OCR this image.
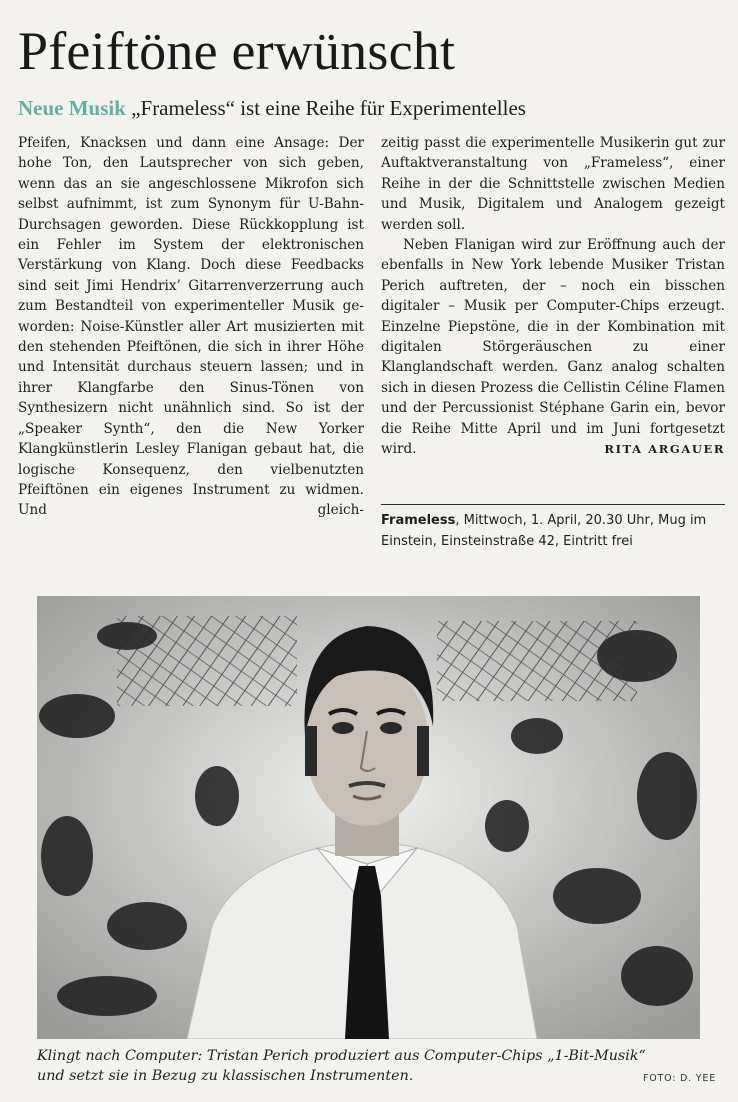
Pfeiftöne erwünscht
Neue Musik „Frameless“ ist eine Reihe für Experimentelles

Pfeifen, Knacksen und dann eine Ansage: Der hohe Ton, den Lautsprecher von sich geben, wenn das an sie angeschlossene Mikrofon sich selbst aufnimmt, ist zum Synonym für U-Bahn-Durchsagen geworden. Diese Rückkopplung ist ein Fehler im System der elektronischen Verstärkung von Klang. Doch diese Feedbacks sind seit Jimi Hendrix’ Gitarrenverzerrung auch zum Bestandteil von experimenteller Musik geworden: Noise-Künstler aller Art musizierten mit den stehenden Pfeiftönen, die sich in ihrer Höhe und Intensität durchaus steuern lassen; und in ihrer Klangfarbe den Sinus-Tönen von Synthesizern nicht unähnlich sind. So ist der „Speaker Synth“, den die New Yorker Klangkünstlerin Lesley Flanigan gebaut hat, die logische Konsequenz, den vielbenutzten Pfeiftönen ein eigenes Instrument zu widmen. Und gleich-

zeitig passt die experimentelle Musikerin gut zur Auftaktveranstaltung von „Frameless“, einer Reihe in der die Schnittstelle zwischen Medien und Musik, Digitalem und Analogem gezeigt werden soll.

Neben Flanigan wird zur Eröffnung auch der ebenfalls in New York lebende Musiker Tristan Perich auftreten, der – noch ein bisschen digitaler – Musik per Computer-Chips erzeugt. Einzelne Piepstöne, die in der Kombination mit digitalen Störgeräuschen zu einer Klanglandschaft werden. Ganz analog schalten sich in diesen Prozess die Cellistin Céline Flamen und der Percussionist Stéphane Garin ein, bevor die Reihe Mitte April und im Juni fortgesetzt wird.	RITA ARGAUER
Frameless, Mittwoch, 1. April, 20.30 Uhr, Mug im Einstein, Einsteinstraße 42, Eintritt frei
Klingt nach Computer: Tristan Perich produziert aus Computer-Chips „1-Bit-Musik“ und setzt sie in Bezug zu klassischen Instrumenten.	FOTO: D. YEE
